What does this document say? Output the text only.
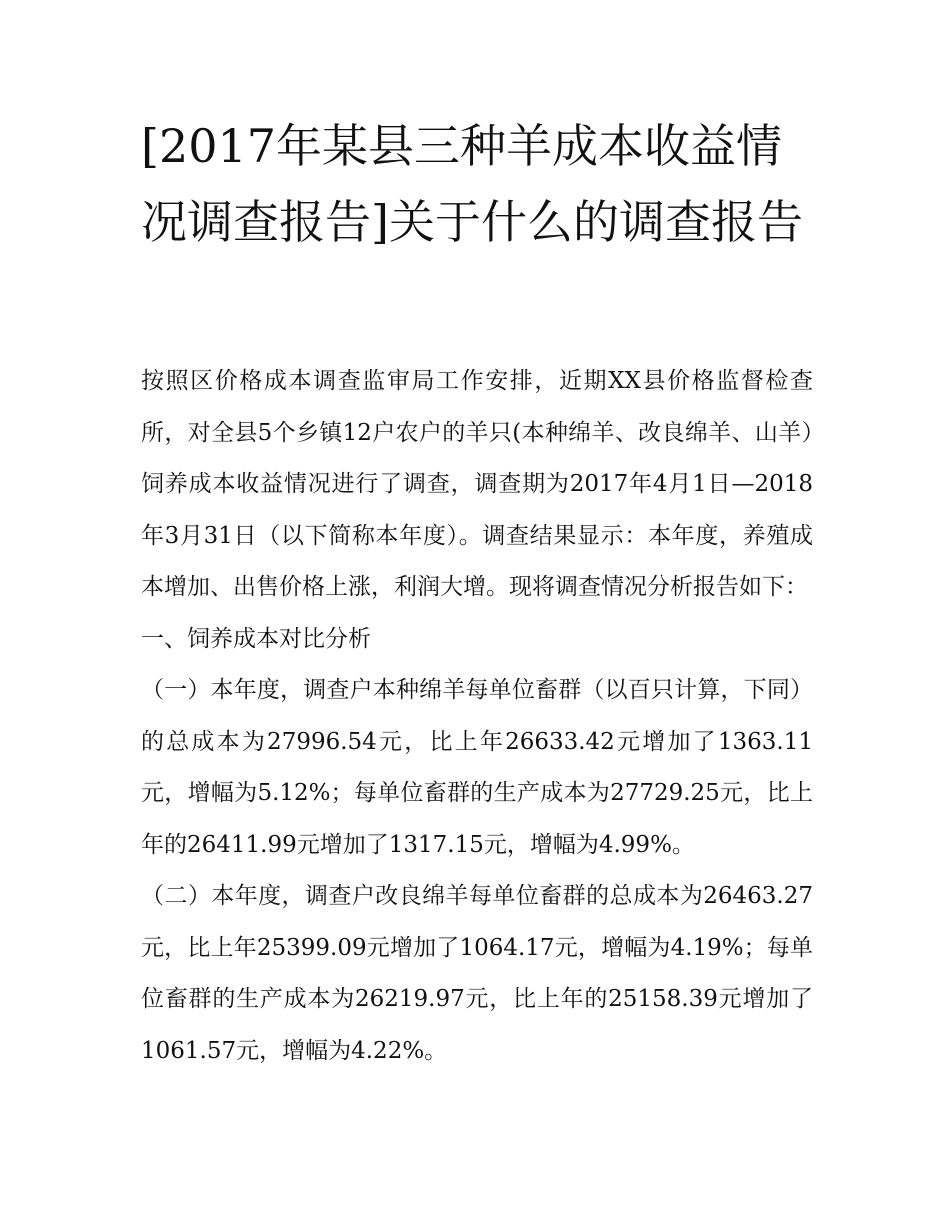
[2017年某县三种羊成本收益情况调查报告]关于什么的调查报告

按照区价格成本调查监审局工作安排，近期XX县价格监督检查所，对全县5个乡镇12户农户的羊只(本种绵羊、改良绵羊、山羊）饲养成本收益情况进行了调查，调查期为2017年4月1日—2018年3月31日（以下简称本年度）。调查结果显示：本年度，养殖成本增加、出售价格上涨，利润大增。现将调查情况分析报告如下：

一、饲养成本对比分析

（一）本年度，调查户本种绵羊每单位畜群（以百只计算，下同）的总成本为27996.54元，比上年26633.42元增加了1363.11元，增幅为5.12%；每单位畜群的生产成本为27729.25元，比上年的26411.99元增加了1317.15元，增幅为4.99%。

（二）本年度，调查户改良绵羊每单位畜群的总成本为26463.27元，比上年25399.09元增加了1064.17元，增幅为4.19%；每单位畜群的生产成本为26219.97元，比上年的25158.39元增加了1061.57元，增幅为4.22%。
